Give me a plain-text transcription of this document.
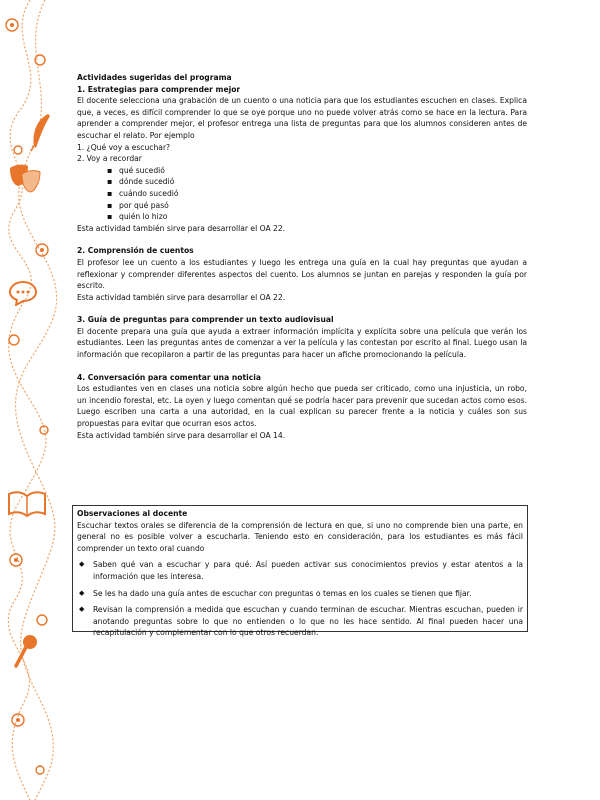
Actividades sugeridas del programa

1. Estrategias para comprender mejor

El docente selecciona una grabación de un cuento o una noticia para que los estudiantes escuchen en clases. Explica que, a veces, es difícil comprender lo que se oye porque uno no puede volver atrás como se hace en la lectura. Para aprender a comprender mejor, el profesor entrega una lista de preguntas para que los alumnos consideren antes de escuchar el relato. Por ejemplo

1. ¿Qué voy a escuchar?

2. Voy a recordar

▪ qué sucedió
▪ dónde sucedió
▪ cuándo sucedió
▪ por qué pasó
▪ quién lo hizo

Esta actividad también sirve para desarrollar el OA 22.

2. Comprensión de cuentos

El profesor lee un cuento a los estudiantes y luego les entrega una guía en la cual hay preguntas que ayudan a reflexionar y comprender diferentes aspectos del cuento. Los alumnos se juntan en parejas y responden la guía por escrito.

Esta actividad también sirve para desarrollar el OA 22.

3. Guía de preguntas para comprender un texto audiovisual

El docente prepara una guía que ayuda a extraer información implícita y explícita sobre una película que verán los estudiantes. Leen las preguntas antes de comenzar a ver la película y las contestan por escrito al final. Luego usan la información que recopilaron a partir de las preguntas para hacer un afiche promocionando la película.

4. Conversación para comentar una noticia

Los estudiantes ven en clases una noticia sobre algún hecho que pueda ser criticado, como una injusticia, un robo, un incendio forestal, etc. La oyen y luego comentan qué se podría hacer para prevenir que sucedan actos como esos. Luego escriben una carta a una autoridad, en la cual explican su parecer frente a la noticia y cuáles son sus propuestas para evitar que ocurran esos actos.

Esta actividad también sirve para desarrollar el OA 14.

Observaciones al docente

Escuchar textos orales se diferencia de la comprensión de lectura en que, si uno no comprende bien una parte, en general no es posible volver a escucharla. Teniendo esto en consideración, para los estudiantes es más fácil comprender un texto oral cuando

◆ Saben qué van a escuchar y para qué. Así pueden activar sus conocimientos previos y estar atentos a la información que les interesa.

◆ Se les ha dado una guía antes de escuchar con preguntas o temas en los cuales se tienen que fijar.

◆ Revisan la comprensión a medida que escuchan y cuando terminan de escuchar. Mientras escuchan, pueden ir anotando preguntas sobre lo que no entienden o lo que no les hace sentido. Al final pueden hacer una recapitulación y complementar con lo que otros recuerdan.
